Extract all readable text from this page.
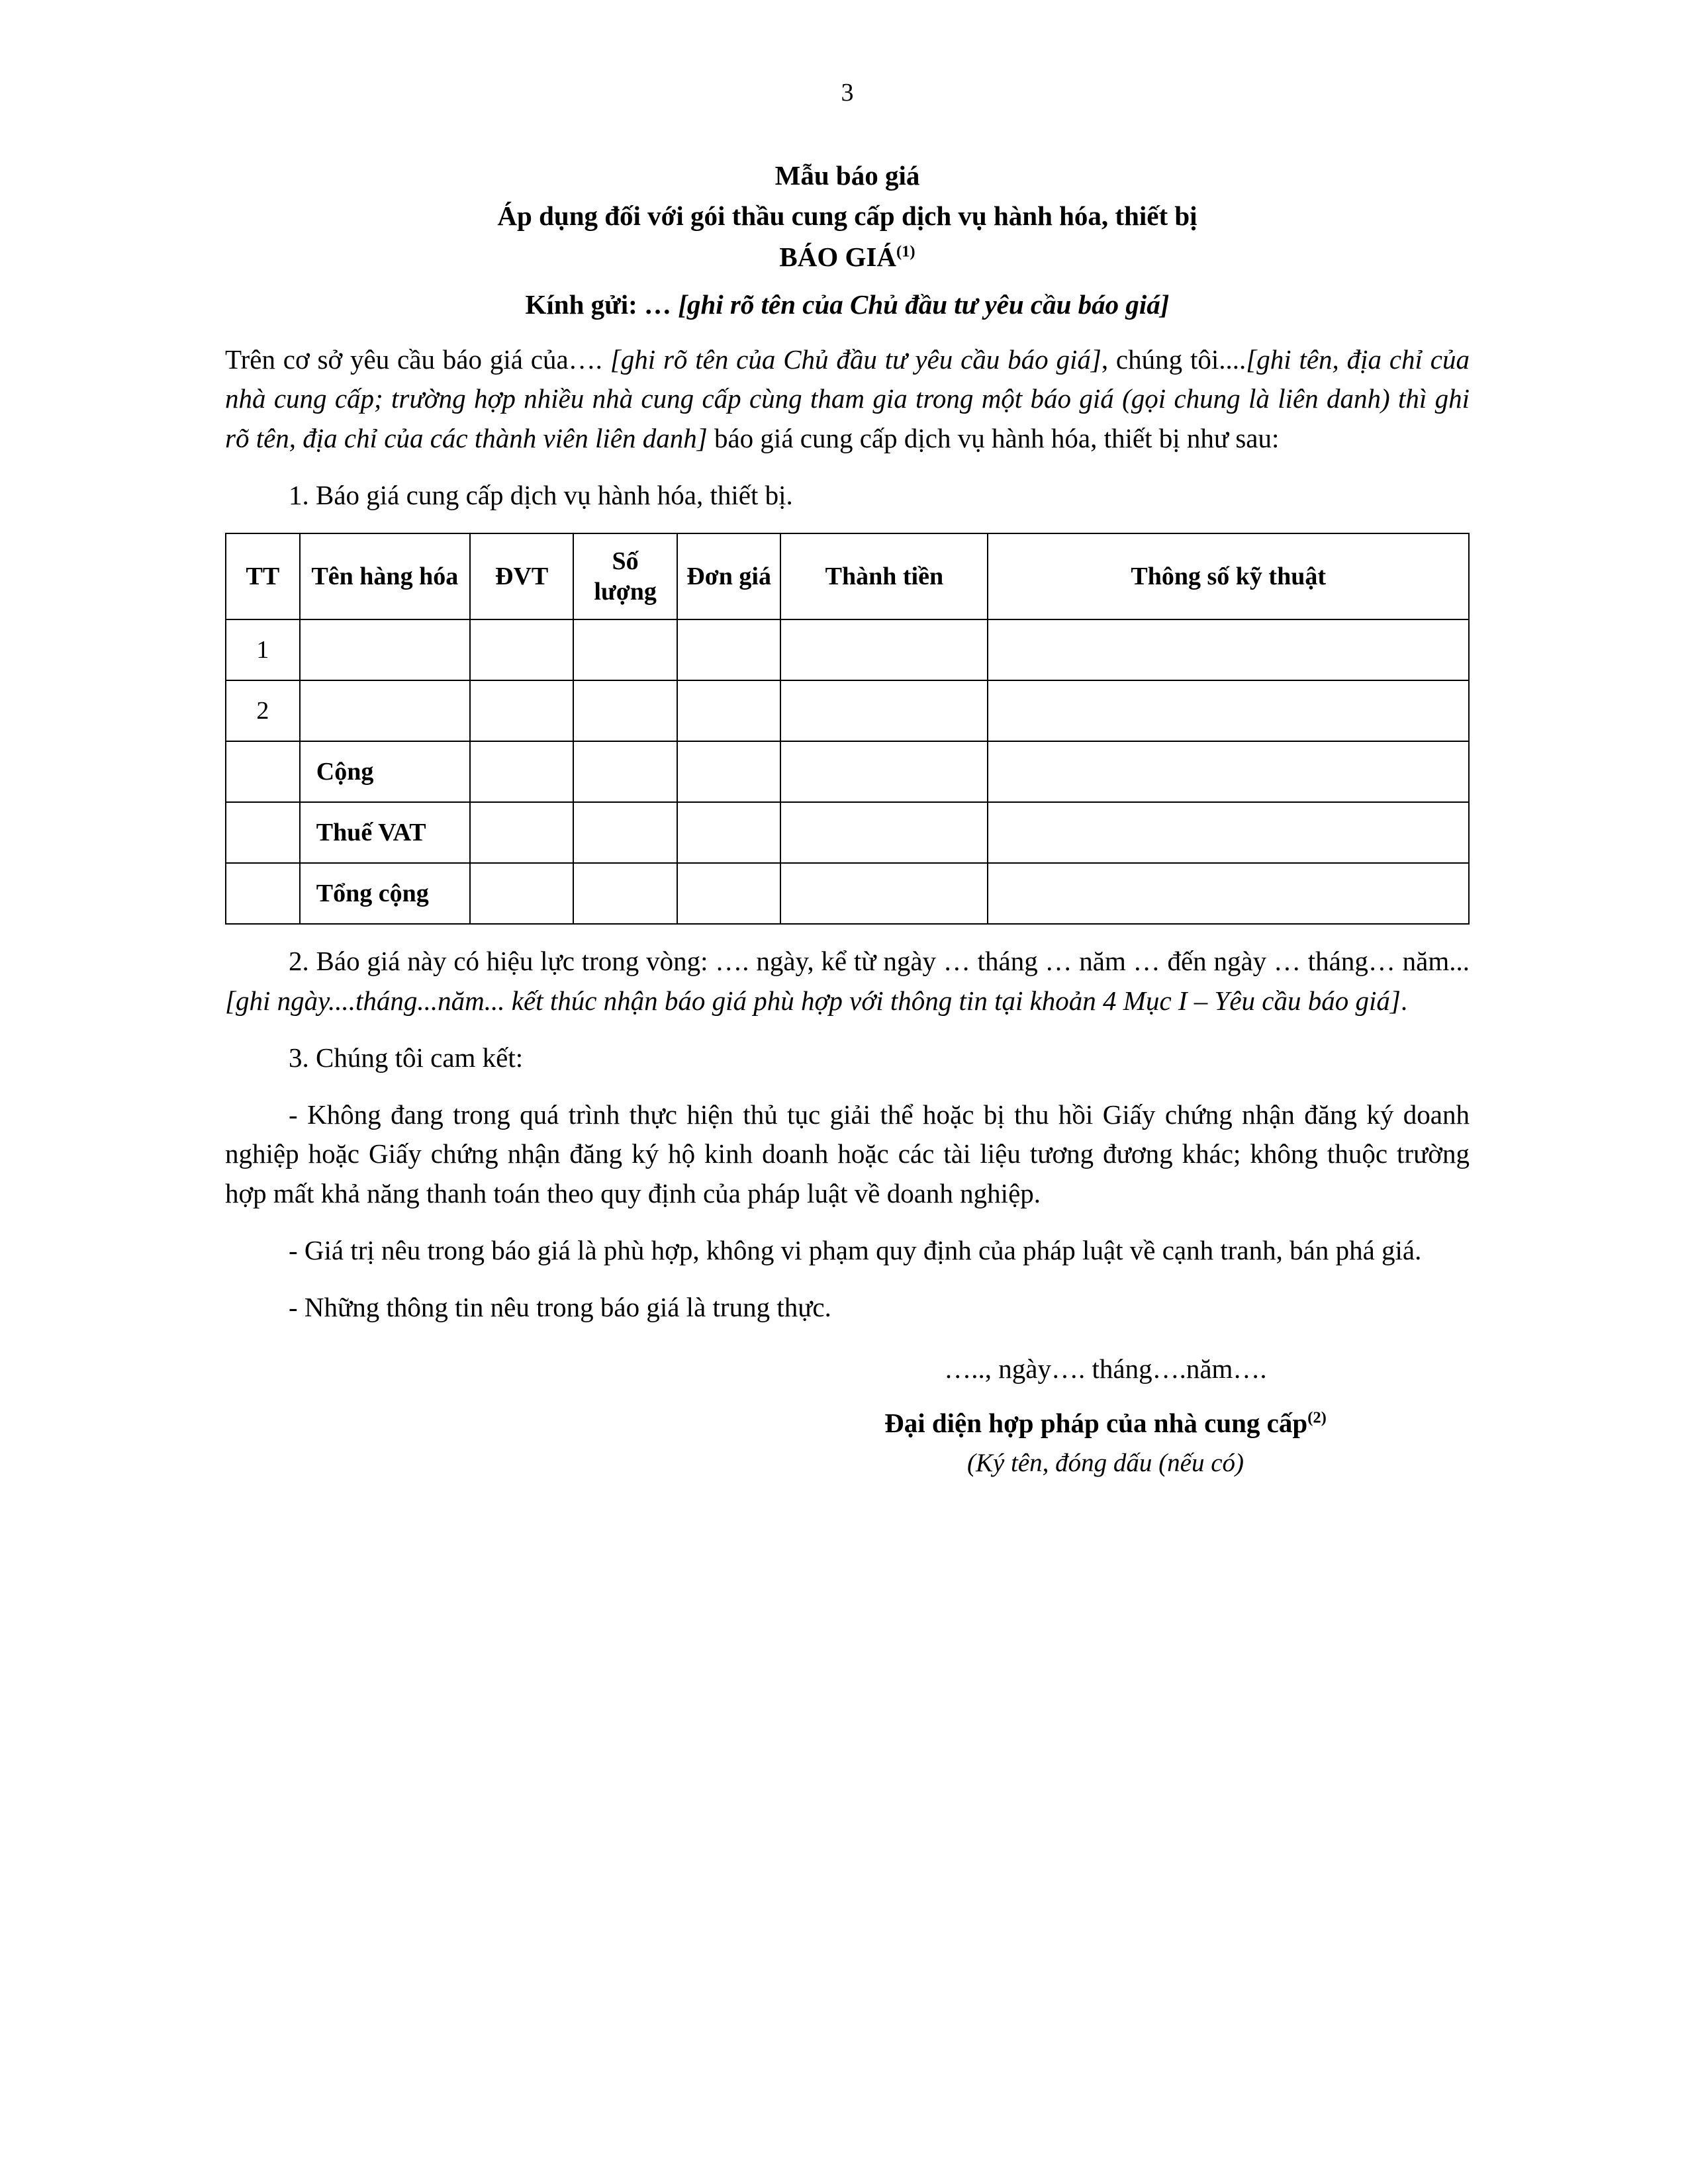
3

Mẫu báo giá

Áp dụng đối với gói thầu cung cấp dịch vụ hành hóa, thiết bị

BÁO GIÁ$^{(1)}$

Kính gửi: … [ghi rõ tên của Chủ đầu tư yêu cầu báo giá]

Trên cơ sở yêu cầu báo giá của…. [ghi rõ tên của Chủ đầu tư yêu cầu báo giá], chúng tôi....[ghi tên, địa chỉ của nhà cung cấp; trường hợp nhiều nhà cung cấp cùng tham gia trong một báo giá (gọi chung là liên danh) thì ghi rõ tên, địa chỉ của các thành viên liên danh] báo giá cung cấp dịch vụ hành hóa, thiết bị như sau:

1. Báo giá cung cấp dịch vụ hành hóa, thiết bị.

TT	Tên hàng hóa	ĐVT	Số lượng	Đơn giá	Thành tiền	Thông số kỹ thuật
1						
2						
	Cộng					
	Thuế VAT					
	Tổng cộng					

2. Báo giá này có hiệu lực trong vòng: …. ngày, kể từ ngày … tháng … năm … đến ngày … tháng… năm...[ghi ngày....tháng...năm... kết thúc nhận báo giá phù hợp với thông tin tại khoản 4 Mục I – Yêu cầu báo giá].

3. Chúng tôi cam kết:

- Không đang trong quá trình thực hiện thủ tục giải thể hoặc bị thu hồi Giấy chứng nhận đăng ký doanh nghiệp hoặc Giấy chứng nhận đăng ký hộ kinh doanh hoặc các tài liệu tương đương khác; không thuộc trường hợp mất khả năng thanh toán theo quy định của pháp luật về doanh nghiệp.

- Giá trị nêu trong báo giá là phù hợp, không vi phạm quy định của pháp luật về cạnh tranh, bán phá giá.

- Những thông tin nêu trong báo giá là trung thực.

….., ngày…. tháng….năm….

Đại diện hợp pháp của nhà cung cấp$^{(2)}$

(Ký tên, đóng dấu (nếu có)
